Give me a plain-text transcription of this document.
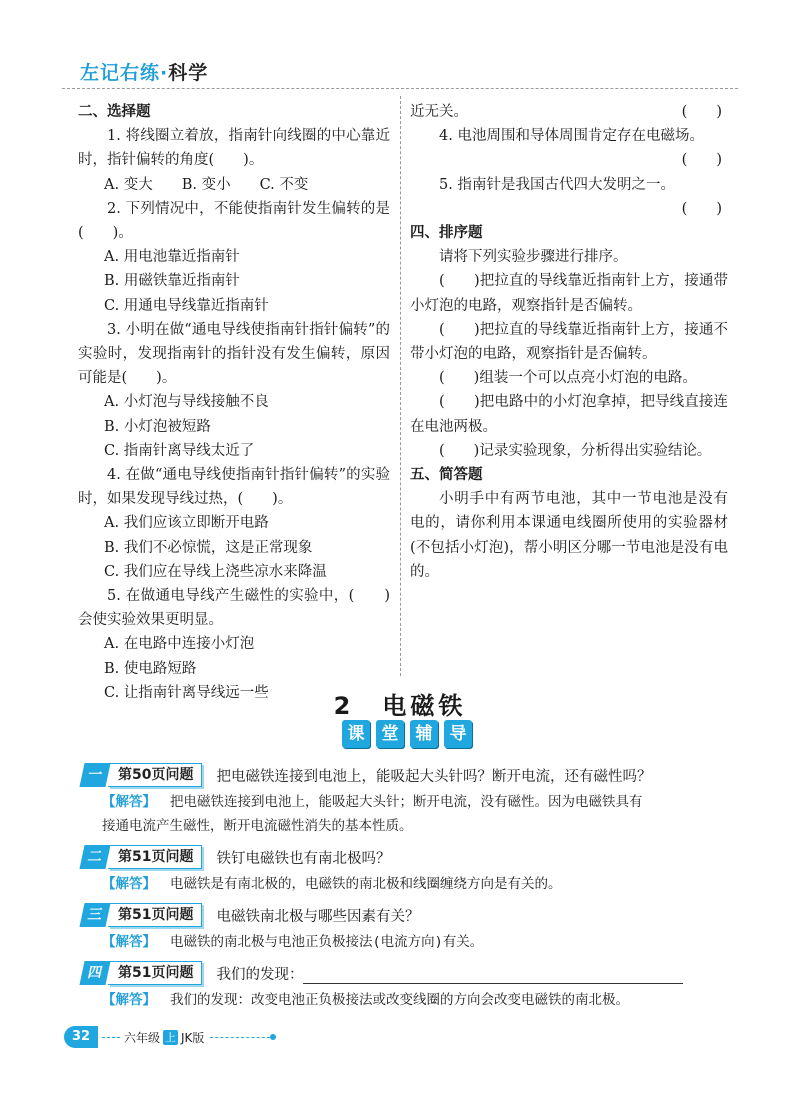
左记右练·科学
二、选择题
1. 将线圈立着放，指南针向线圈的中心靠近时，指针偏转的角度(　　)。
A. 变大　　B. 变小　　C. 不变
2. 下列情况中，不能使指南针发生偏转的是(　　)。
A. 用电池靠近指南针
B. 用磁铁靠近指南针
C. 用通电导线靠近指南针
3. 小明在做“通电导线使指南针指针偏转”的实验时，发现指南针的指针没有发生偏转，原因可能是(　　)。
A. 小灯泡与导线接触不良
B. 小灯泡被短路
C. 指南针离导线太近了
4. 在做“通电导线使指南针指针偏转”的实验时，如果发现导线过热，(　　)。
A. 我们应该立即断开电路
B. 我们不必惊慌，这是正常现象
C. 我们应在导线上浇些凉水来降温
5. 在做通电导线产生磁性的实验中，(　　)会使实验效果更明显。
A. 在电路中连接小灯泡
B. 使电路短路
C. 让指南针离导线远一些
近无关。	(　　)
4. 电池周围和导体周围肯定存在电磁场。
(　　)
5. 指南针是我国古代四大发明之一。
(　　)
四、排序题
请将下列实验步骤进行排序。
(　　)把拉直的导线靠近指南针上方，接通带小灯泡的电路，观察指针是否偏转。
(　　)把拉直的导线靠近指南针上方，接通不带小灯泡的电路，观察指针是否偏转。
(　　)组装一个可以点亮小灯泡的电路。
(　　)把电路中的小灯泡拿掉，把导线直接连在电池两极。
(　　)记录实验现象，分析得出实验结论。
五、简答题
小明手中有两节电池，其中一节电池是没有电的，请你利用本课通电线圈所使用的实验器材(不包括小灯泡)，帮小明区分哪一节电池是没有电的。
2　电磁铁
课	堂	辅	导
一	第50页问题	把电磁铁连接到电池上，能吸起大头针吗？断开电流，还有磁性吗？
【解答】 把电磁铁连接到电池上，能吸起大头针；断开电流，没有磁性。因为电磁铁具有
接通电流产生磁性，断开电流磁性消失的基本性质。
二	第51页问题	铁钉电磁铁也有南北极吗？
【解答】 电磁铁是有南北极的，电磁铁的南北极和线圈缠绕方向是有关的。
三	第51页问题	电磁铁南北极与哪些因素有关？
【解答】 电磁铁的南北极与电池正负极接法(电流方向)有关。
四	第51页问题	我们的发现：
【解答】 我们的发现：改变电池正负极接法或改变线圈的方向会改变电磁铁的南北极。
32	六年级 上 JK版
